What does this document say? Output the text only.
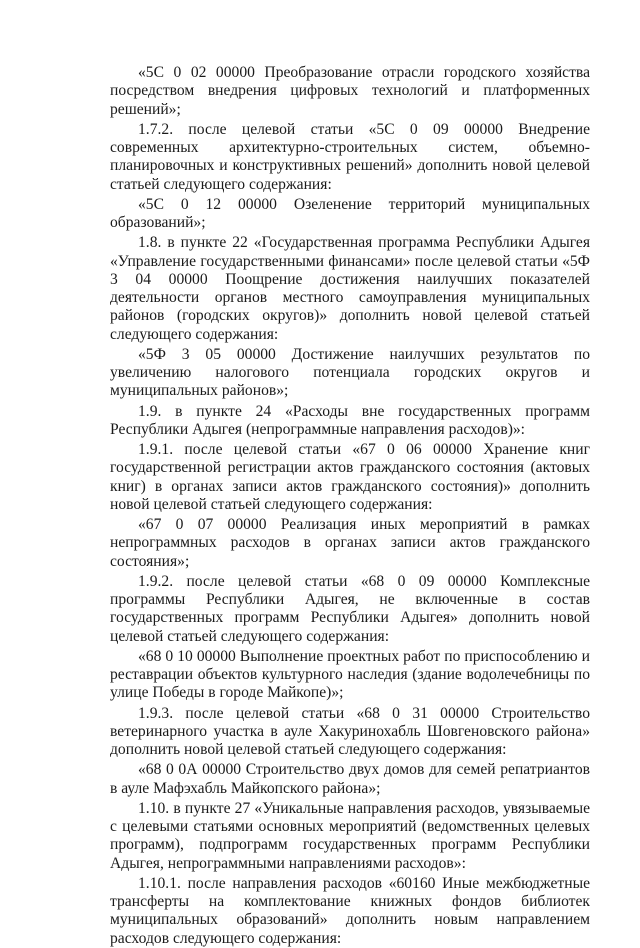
«5С 0 02 00000 Преобразование отрасли городского хозяйства посредством внедрения цифровых технологий и платформенных решений»;

1.7.2. после целевой статьи «5С 0 09 00000 Внедрение современных архитектурно-строительных систем, объемно-планировочных и конструктивных решений» дополнить новой целевой статьей следующего содержания:

«5С 0 12 00000 Озеленение территорий муниципальных образований»;

1.8. в пункте 22 «Государственная программа Республики Адыгея «Управление государственными финансами» после целевой статьи «5Ф 3 04 00000 Поощрение достижения наилучших показателей деятельности органов местного самоуправления муниципальных районов (городских округов)» дополнить новой целевой статьей следующего содержания:

«5Ф 3 05 00000 Достижение наилучших результатов по увеличению налогового потенциала городских округов и муниципальных районов»;

1.9. в пункте 24 «Расходы вне государственных программ Республики Адыгея (непрограммные направления расходов)»:

1.9.1. после целевой статьи «67 0 06 00000 Хранение книг государственной регистрации актов гражданского состояния (актовых книг) в органах записи актов гражданского состояния)» дополнить новой целевой статьей следующего содержания:

«67 0 07 00000 Реализация иных мероприятий в рамках непрограммных расходов в органах записи актов гражданского состояния»;

1.9.2. после целевой статьи «68 0 09 00000 Комплексные программы Республики Адыгея, не включенные в состав государственных программ Республики Адыгея» дополнить новой целевой статьей следующего содержания:

«68 0 10 00000 Выполнение проектных работ по приспособлению и реставрации объектов культурного наследия (здание водолечебницы по улице Победы в городе Майкопе)»;

1.9.3. после целевой статьи «68 0 31 00000 Строительство ветеринарного участка в ауле Хакуринохабль Шовгеновского района» дополнить новой целевой статьей следующего содержания:

«68 0 0А 00000 Строительство двух домов для семей репатриантов в ауле Мафэхабль Майкопского района»;

1.10. в пункте 27 «Уникальные направления расходов, увязываемые с целевыми статьями основных мероприятий (ведомственных целевых программ), подпрограмм государственных программ Республики Адыгея, непрограммными направлениями расходов»:

1.10.1. после направления расходов «60160 Иные межбюджетные трансферты на комплектование книжных фондов библиотек муниципальных образований» дополнить новым направлением расходов следующего содержания:
